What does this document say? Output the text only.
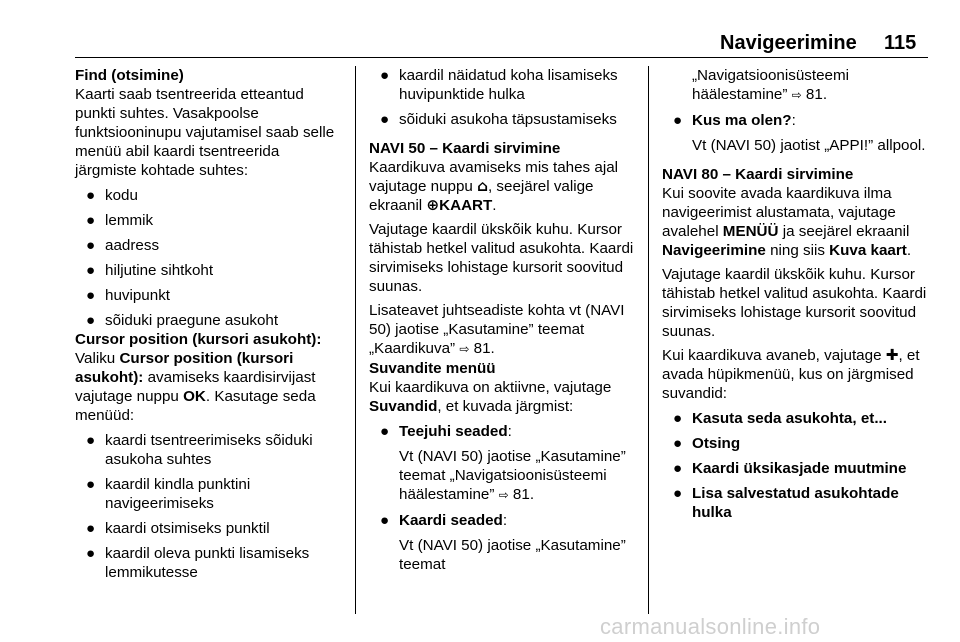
Navigeerimine 115

Find (otsimine)

Kaarti saab tsentreerida etteantud punkti suhtes. Vasakpoolse funktsiooninupu vajutamisel saab selle menüü abil kaardi tsentreerida järgmiste kohtade suhtes:

● kodu
● lemmik
● aadress
● hiljutine sihtkoht
● huvipunkt
● sõiduki praegune asukoht

Cursor position (kursori asukoht):

Valiku Cursor position (kursori asukoht): avamiseks kaardisirvijast vajutage nuppu OK. Kasutage seda menüüd:

● kaardi tsentreerimiseks sõiduki asukoha suhtes
● kaardil kindla punktini navigeerimiseks
● kaardi otsimiseks punktil
● kaardil oleva punkti lisamiseks lemmikutesse
● kaardil näidatud koha lisamiseks huvipunktide hulka
● sõiduki asukoha täpsustamiseks

NAVI 50 – Kaardi sirvimine

Kaardikuva avamiseks mis tahes ajal vajutage nuppu ⌂, seejärel valige ekraanil ⊕KAART.

Vajutage kaardil ükskõik kuhu. Kursor tähistab hetkel valitud asukohta. Kaardi sirvimiseks lohistage kursorit soovitud suunas.

Lisateavet juhtseadiste kohta vt (NAVI 50) jaotise „Kasutamine” teemat „Kaardikuva” ⇨ 81.

Suvandite menüü

Kui kaardikuva on aktiivne, vajutage Suvandid, et kuvada järgmist:

● Teejuhi seaded:

Vt (NAVI 50) jaotise „Kasutamine” teemat „Navigatsioonisüsteemi häälestamine” ⇨ 81.

● Kaardi seaded:

Vt (NAVI 50) jaotise „Kasutamine” teemat

„Navigatsioonisüsteemi häälestamine” ⇨ 81.

● Kus ma olen?:

Vt (NAVI 50) jaotist „APPI!” allpool.

NAVI 80 – Kaardi sirvimine

Kui soovite avada kaardikuva ilma navigeerimist alustamata, vajutage avalehel MENÜÜ ja seejärel ekraanil Navigeerimine ning siis Kuva kaart.

Vajutage kaardil ükskõik kuhu. Kursor tähistab hetkel valitud asukohta. Kaardi sirvimiseks lohistage kursorit soovitud suunas.

Kui kaardikuva avaneb, vajutage ✚, et avada hüpikmenüü, kus on järgmised suvandid:

● Kasuta seda asukohta, et...
● Otsing
● Kaardi üksikasjade muutmine
● Lisa salvestatud asukohtade hulka
carmanualsonline.info
